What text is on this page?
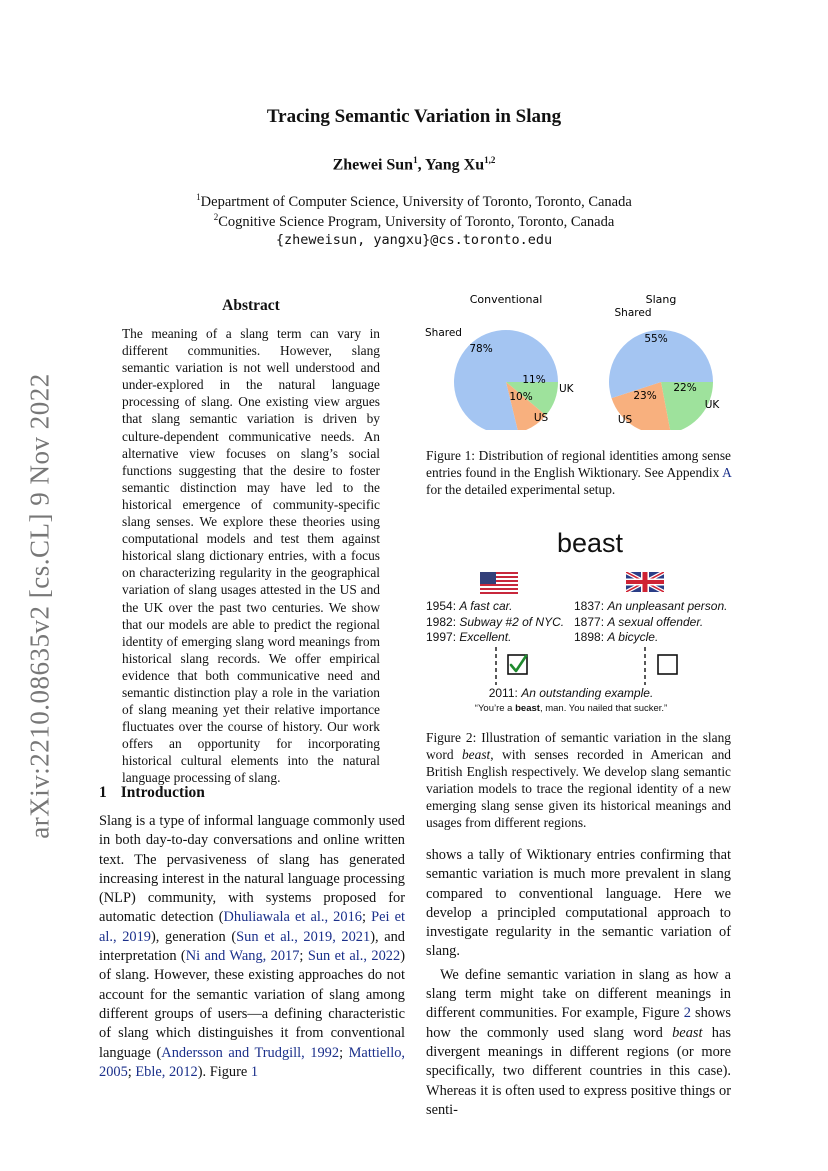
Tracing Semantic Variation in Slang
Zhewei Sun$^1$, Yang Xu$^{1,2}$
$^1$Department of Computer Science, University of Toronto, Toronto, Canada
$^2$Cognitive Science Program, University of Toronto, Toronto, Canada
{zheweisun, yangxu}@cs.toronto.edu
arXiv:2210.08635v2 [cs.CL] 9 Nov 2022
Abstract
The meaning of a slang term can vary in different communities. However, slang semantic variation is not well understood and under-explored in the natural language processing of slang. One existing view argues that slang semantic variation is driven by culture-dependent communicative needs. An alternative view focuses on slang’s social functions suggesting that the desire to foster semantic distinction may have led to the historical emergence of community-specific slang senses. We explore these theories using computational models and test them against historical slang dictionary entries, with a focus on characterizing regularity in the geographical variation of slang usages attested in the US and the UK over the past two centuries. We show that our models are able to predict the regional identity of emerging slang word meanings from historical slang records. We offer empirical evidence that both communicative need and semantic distinction play a role in the variation of slang meaning yet their relative importance fluctuates over the course of history. Our work offers an opportunity for incorporating historical cultural elements into the natural language processing of slang.
1 Introduction
Slang is a type of informal language commonly used in both day-to-day conversations and online written text. The pervasiveness of slang has generated increasing interest in the natural language processing (NLP) community, with systems proposed for automatic detection (Dhuliawala et al., 2016; Pei et al., 2019), generation (Sun et al., 2019, 2021), and interpretation (Ni and Wang, 2017; Sun et al., 2022) of slang. However, these existing approaches do not account for the semantic variation of slang among different groups of users—a defining characteristic of slang which distinguishes it from conventional language (Andersson and Trudgill, 1992; Mattiello, 2005; Eble, 2012). Figure 1

shows a tally of Wiktionary entries confirming that semantic variation is much more prevalent in slang compared to conventional language. Here we develop a principled computational approach to investigate regularity in the semantic variation of slang.

We define semantic variation in slang as how a slang term might take on different meanings in different communities. For example, Figure 2 shows how the commonly used slang word beast has divergent meanings in different regions (or more specifically, two different countries in this case). Whereas it is often used to express positive things or senti-

Conventional
Shared
78%
UK
11%
US
10%
Slang
Shared
55%
UK
22%
US
23%
Figure 1: Distribution of regional identities among sense entries found in the English Wiktionary. See Appendix A for the detailed experimental setup.
beast
1954: A fast car.
1982: Subway #2 of NYC.
1997: Excellent.
1837: An unpleasant person.
1877: A sexual offender.
1898: A bicycle.
2011: An outstanding example.
“You’re a beast, man. You nailed that sucker.”
Figure 2: Illustration of semantic variation in the slang word beast, with senses recorded in American and British English respectively. We develop slang semantic variation models to trace the regional identity of a new emerging slang sense given its historical meanings and usages from different regions.
